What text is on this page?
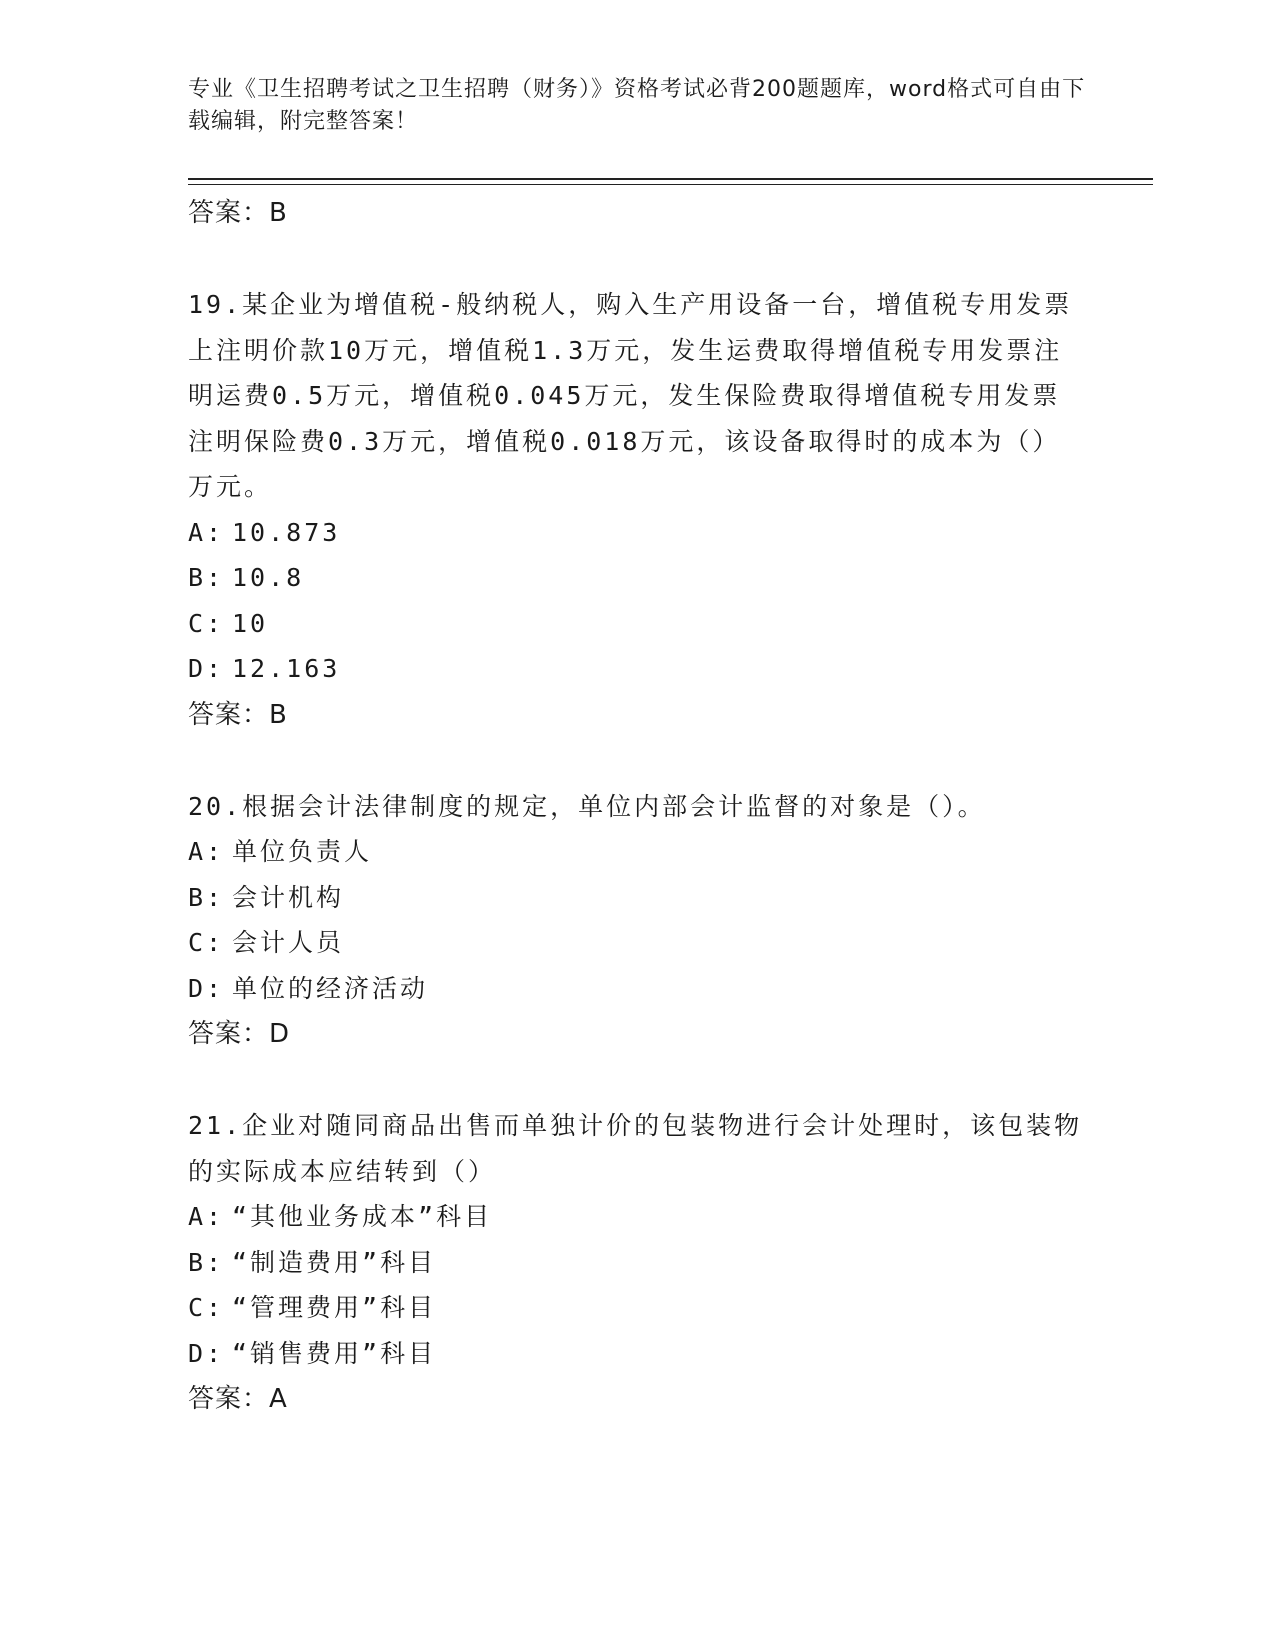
专业《卫生招聘考试之卫生招聘（财务）》资格考试必背200题题库，word格式可自由下载编辑，附完整答案！
答案：B
19.某企业为增值税-般纳税人，购入生产用设备一台，增值税专用发票上注明价款10万元，增值税1.3万元，发生运费取得增值税专用发票注明运费0.5万元，增值税0.045万元，发生保险费取得增值税专用发票注明保险费0.3万元，增值税0.018万元，该设备取得时的成本为（）万元。
A: 10.873
B: 10.8
C: 10
D: 12.163
答案：B
20.根据会计法律制度的规定，单位内部会计监督的对象是（）。
A: 单位负责人
B: 会计机构
C: 会计人员
D: 单位的经济活动
答案：D
21.企业对随同商品出售而单独计价的包装物进行会计处理时，该包装物的实际成本应结转到（）
A: “其他业务成本”科目
B: “制造费用”科目
C: “管理费用”科目
D: “销售费用”科目
答案：A
